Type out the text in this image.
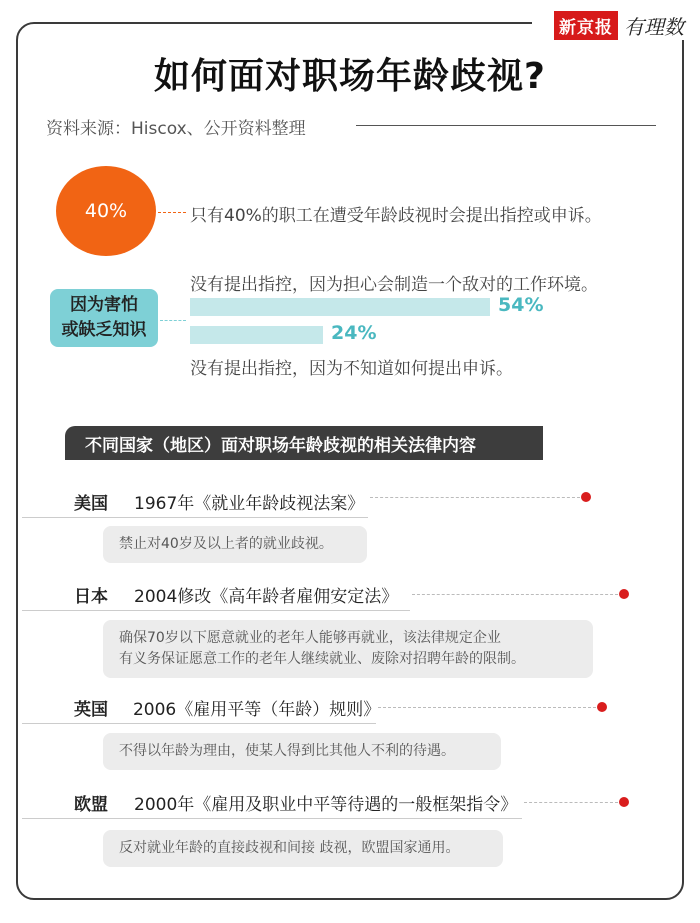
新京报 有理数
如何面对职场年龄歧视?
资料来源：Hiscox、公开资料整理
40%	只有40%的职工在遭受年龄歧视时会提出指控或申诉。
因为害怕
或缺乏知识
没有提出指控，因为担心会制造一个敌对的工作环境。
54%
24%
没有提出指控，因为不知道如何提出申诉。
不同国家（地区）面对职场年龄歧视的相关法律内容
美国	1967年《就业年龄歧视法案》
禁止对40岁及以上者的就业歧视。
日本	2004修改《高年龄者雇佣安定法》
确保70岁以下愿意就业的老年人能够再就业，该法律规定企业
有义务保证愿意工作的老年人继续就业、废除对招聘年龄的限制。
英国	2006《雇用平等（年龄）规则》
不得以年龄为理由，使某人得到比其他人不利的待遇。
欧盟	2000年《雇用及职业中平等待遇的一般框架指令》
反对就业年龄的直接歧视和间接 歧视，欧盟国家通用。
